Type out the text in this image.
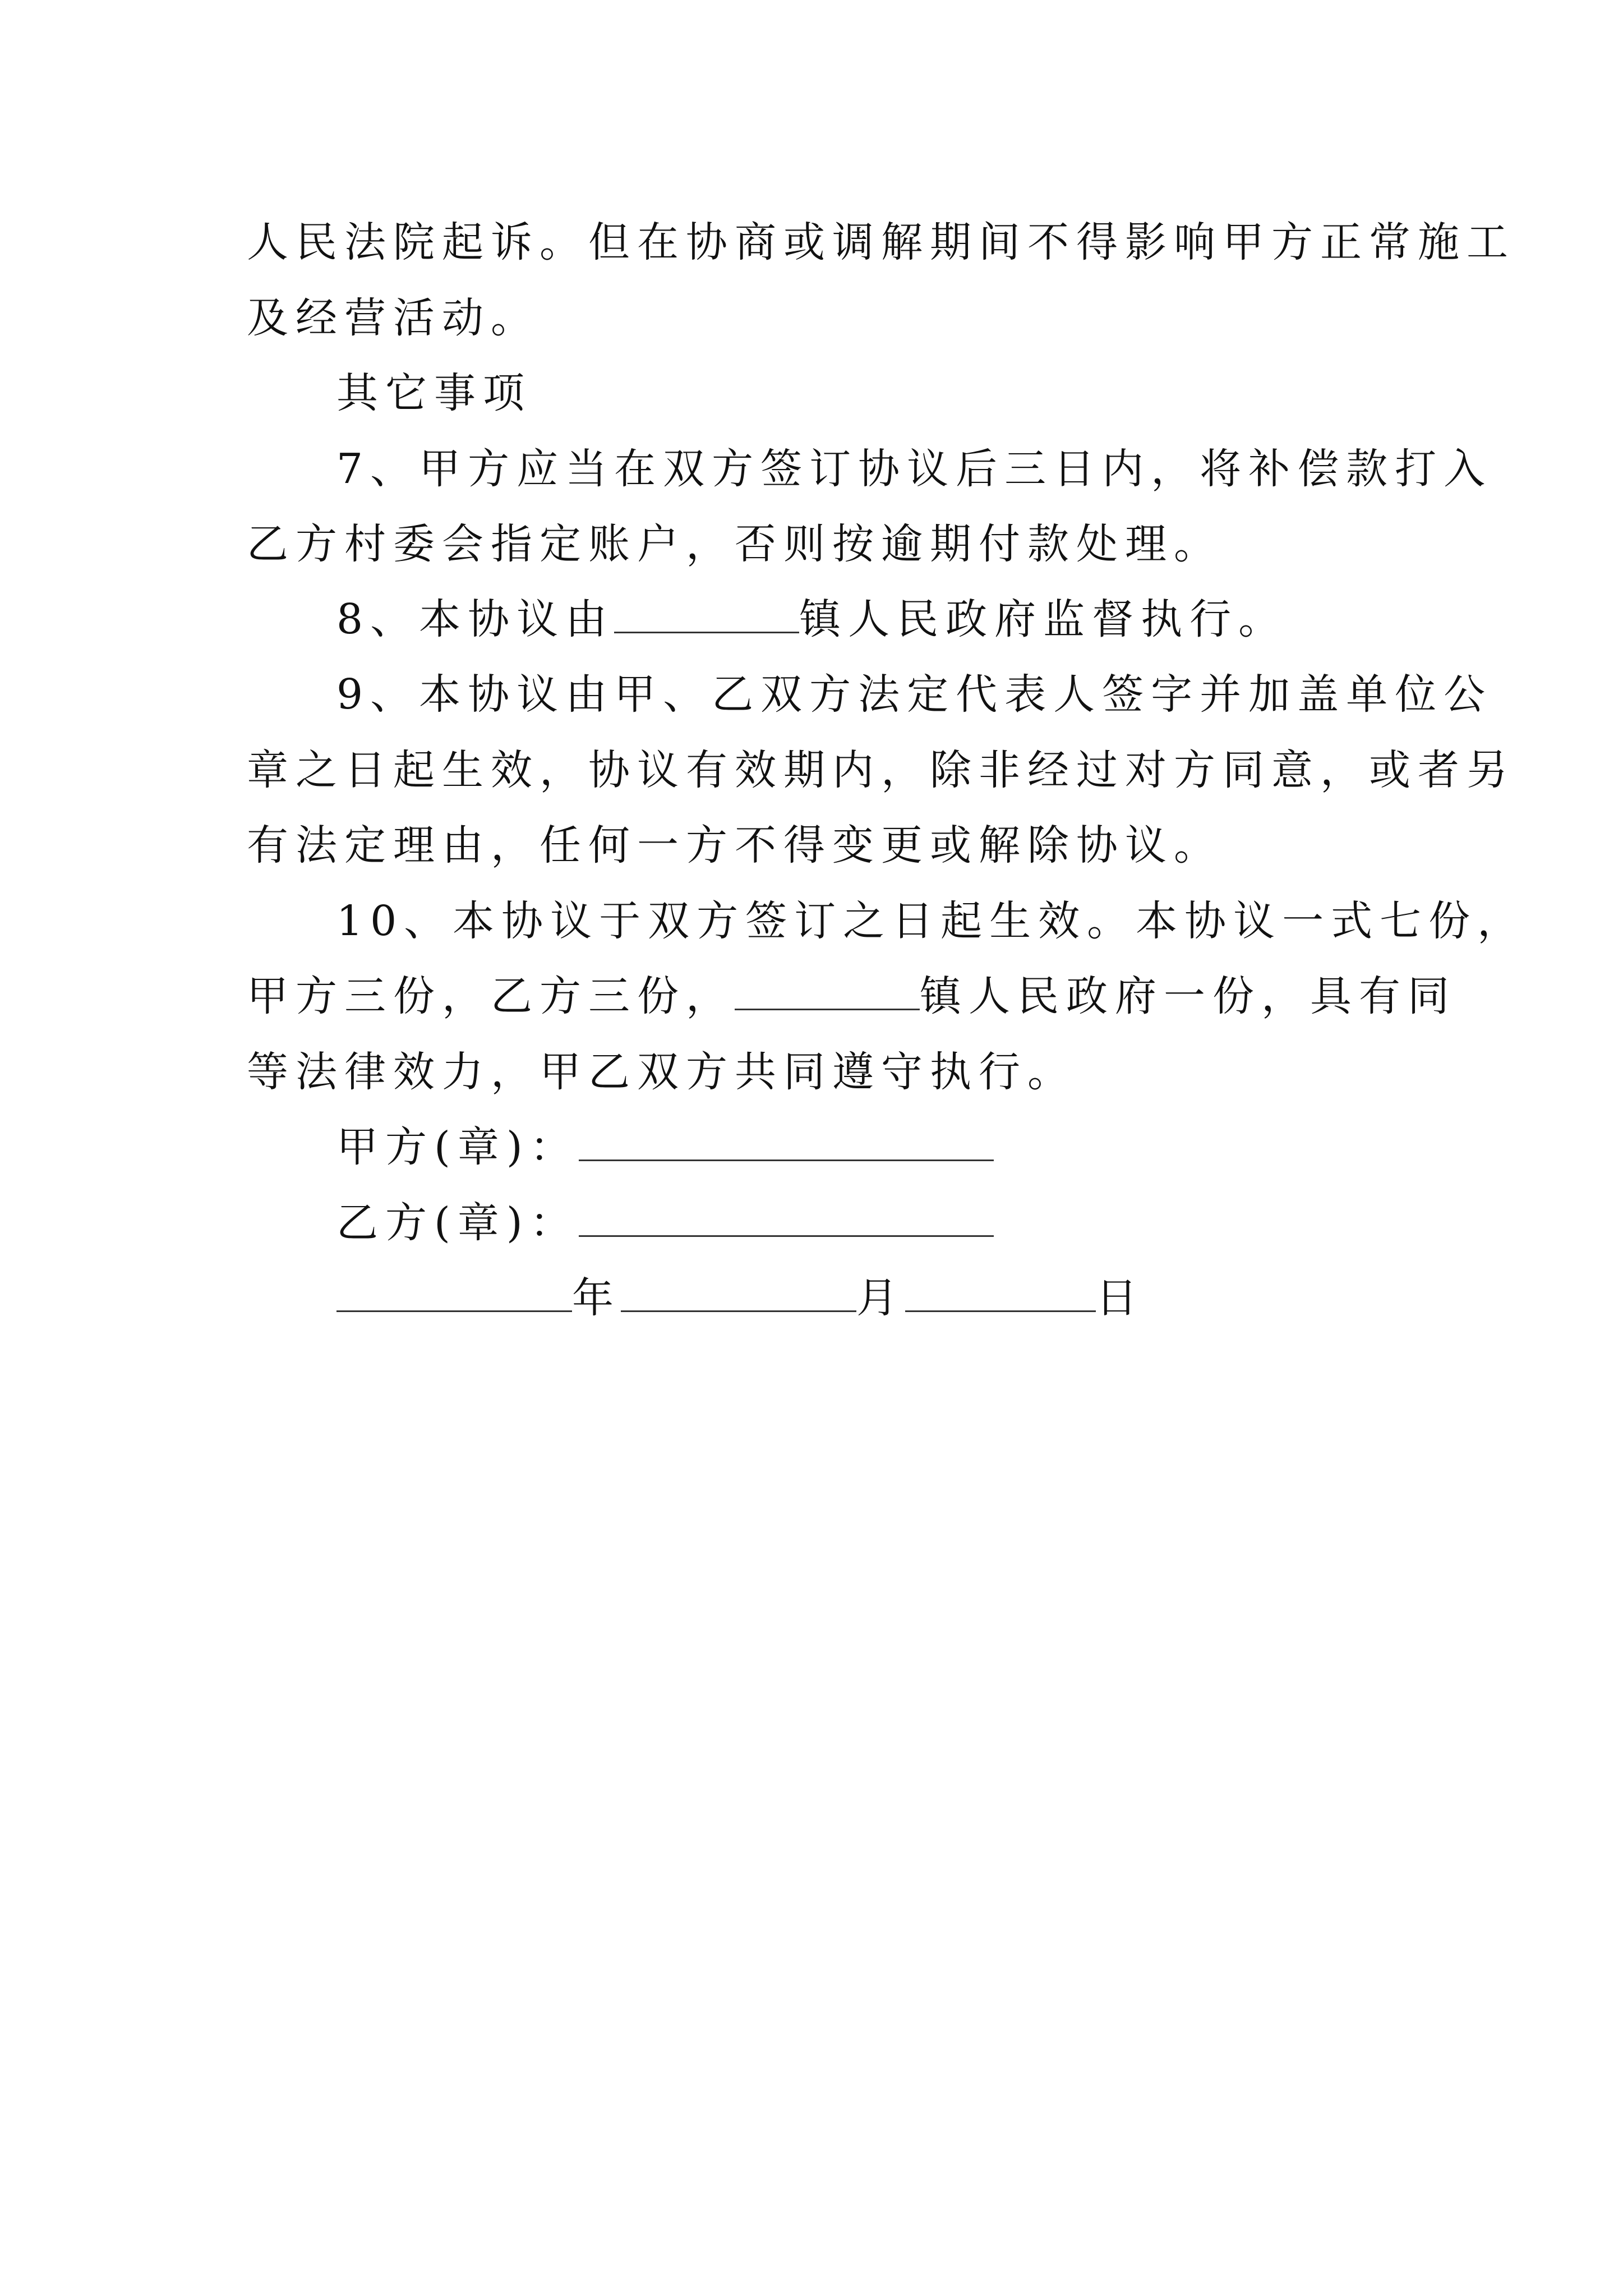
人民法院起诉。但在协商或调解期间不得影响甲方正常施工
及经营活动。
其它事项
7、甲方应当在双方签订协议后三日内，将补偿款打入
乙方村委会指定账户，否则按逾期付款处理。
8、本协议由	镇人民政府监督执行。
9、本协议由甲、乙双方法定代表人签字并加盖单位公
章之日起生效，协议有效期内，除非经过对方同意，或者另
有法定理由，任何一方不得变更或解除协议。
10、本协议于双方签订之日起生效。本协议一式七份，
甲方三份，乙方三份，	镇人民政府一份，具有同
等法律效力，甲乙双方共同遵守执行。
甲方(章)：
乙方(章)：
年	月	日
